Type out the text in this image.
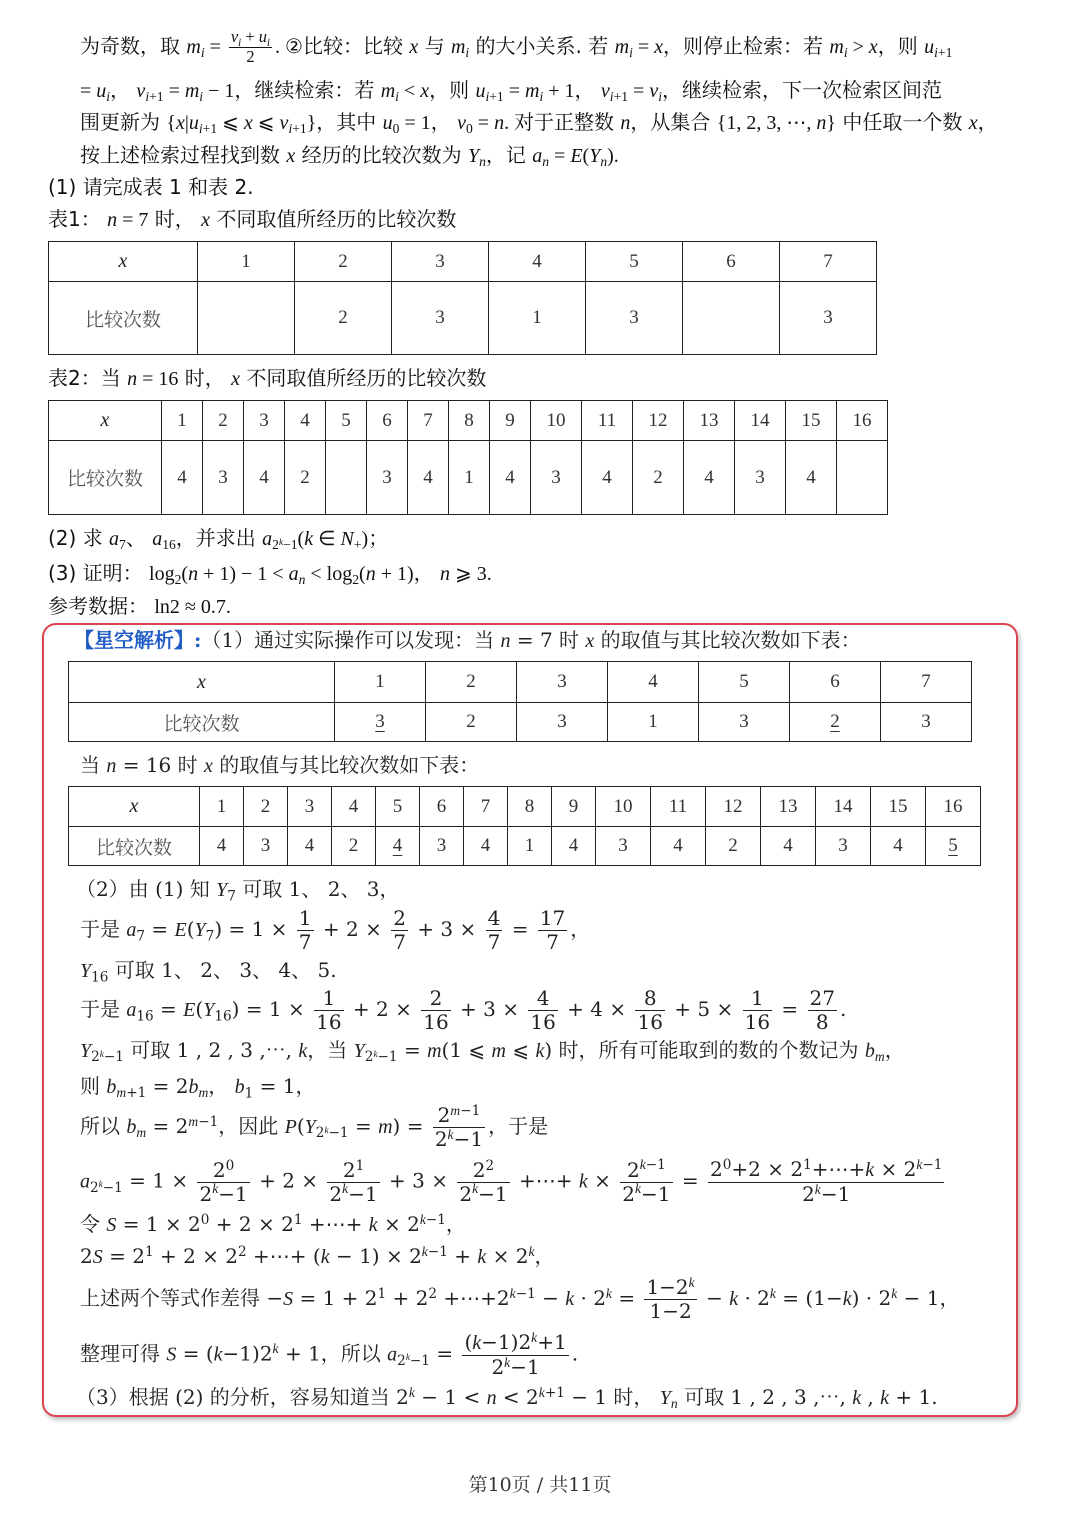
为奇数，取 $m_i = \frac{v_i + u_i}{2}$ . ②比较：比较 x 与 $m_i$ 的大小关系. 若 $m_i = x$，则停止检索：若 $m_i > x$，则 $u_{i+1}$
= $u_i$， $v_{i+1} = m_i - 1$，继续检索：若 $m_i < x$，则 $u_{i+1} = m_i + 1$， $v_{i+1} = v_i$，继续检索，下一次检索区间范
围更新为 {$x|u_{i+1}$ ⩽ x ⩽ $v_{i+1}$}，其中 $u_0 = 1$， $v_0 = n$. 对于正整数 n，从集合 {1, 2, 3, ⋯, n} 中任取一个数 x，
按上述检索过程找到数 x 经历的比较次数为 $Y_n$，记 $a_n = E(Y_n)$.
(1) 请完成表 1 和表 2.
表1： n = 7 时， x 不同取值所经历的比较次数
x	1	2	3	4	5	6	7
比较次数		2	3	1	3		3
表2：当 n = 16 时， x 不同取值所经历的比较次数
x	1	2	3	4	5	6	7	8	9	10	11	12	13	14	15	16
比较次数	4	3	4	2		3	4	1	4	3	4	2	4	3	4	
(2) 求 $a_7$、 $a_{16}$，并求出 $a_{2^k-1}(k$ ∈ $N_+$)；
(3) 证明： $\log_2(n + 1) - 1 < a_n < \log_2(n + 1)$， n ⩾ 3.
参考数据： ln2 ≈ 0.7.
【星空解析】:（1）通过实际操作可以发现：当 n = 7 时 x 的取值与其比较次数如下表：
x	1	2	3	4	5	6	7
比较次数	3	2	3	1	3	2	3
当 n = 16 时 x 的取值与其比较次数如下表：
x	1	2	3	4	5	6	7	8	9	10	11	12	13	14	15	16
比较次数	4	3	4	2	4	3	4	1	4	3	4	2	4	3	4	5
（2）由 (1) 知 $Y_7$ 可取 1、 2、 3，
于是 $a_7 = E(Y_7) = 1 \times \frac{1}{7} + 2 \times \frac{2}{7} + 3 \times \frac{4}{7} = \frac{17}{7}$ ，
$Y_{16}$ 可取 1、 2、 3、 4、 5.
于是 $a_{16} = E(Y_{16}) = 1 \times \frac{1}{16} + 2 \times \frac{2}{16} + 3 \times \frac{4}{16} + 4 \times \frac{8}{16} + 5 \times \frac{1}{16} = \frac{27}{8}$ .
$Y_{2^k-1}$ 可取 1 , 2 , 3 ,⋯, k，当 $Y_{2^k-1} = m(1$ ⩽ m ⩽ k) 时，所有可能取到的数的个数记为 $b_m$，
则 $b_{m+1} = 2b_m$， $b_1 = 1$，
所以 $b_m = 2^{m-1}$，因此 $P(Y_{2^k-1} = m) = \frac{2^{m-1}}{2^k-1}$ ，于是
$a_{2^k-1} = 1 \times \frac{2^0}{2^k-1} + 2 \times \frac{2^1}{2^k-1} + 3 \times \frac{2^2}{2^k-1}$ +⋯+ $k \times \frac{2^{k-1}}{2^k-1} = \frac{2^0+2 \times 2^1+\cdots+k \times 2^{k-1}}{2^k-1}$
令 $S = 1 \times 2^0 + 2 \times 2^1$ +⋯+ $k \times 2^{k-1}$，
$2S = 2^1 + 2 \times 2^2$ +⋯+ $(k - 1) \times 2^{k-1} + k \times 2^k$，
上述两个等式作差得 $-S = 1 + 2^1 + 2^2$ $+\cdots+2^{k-1} - k \cdot 2^k = \frac{1-2^k}{1-2} - k \cdot 2^k = (1-k) \cdot 2^k - 1$，
整理可得 $S = (k-1)2^k + 1$，所以 $a_{2^k-1} = \frac{(k-1)2^k+1}{2^k-1}$ .
（3）根据 (2) 的分析，容易知道当 $2^k - 1 < n < 2^{k+1} - 1$ 时， $Y_n$ 可取 1 , 2 , 3 ,⋯, k , k + 1.
第10页 / 共11页
